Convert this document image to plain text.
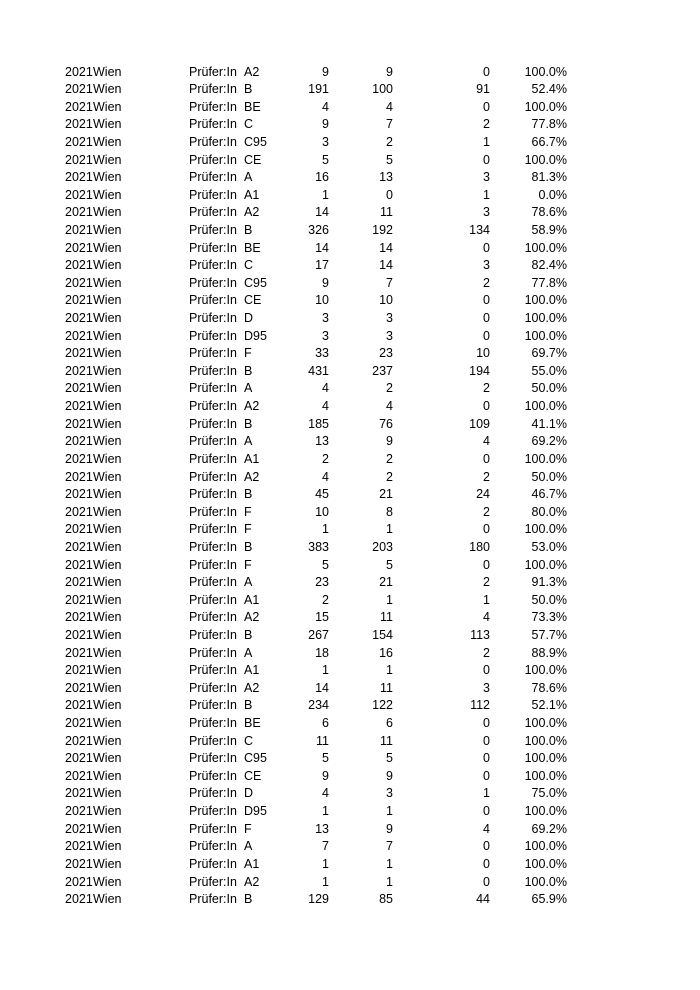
2021 Wien	Prüfer:In A2	9	9	0	100.0%
2021 Wien	Prüfer:In B	191	100	91	52.4%
2021 Wien	Prüfer:In BE	4	4	0	100.0%
2021 Wien	Prüfer:In C	9	7	2	77.8%
2021 Wien	Prüfer:In C95	3	2	1	66.7%
2021 Wien	Prüfer:In CE	5	5	0	100.0%
2021 Wien	Prüfer:In A	16	13	3	81.3%
2021 Wien	Prüfer:In A1	1	0	1	0.0%
2021 Wien	Prüfer:In A2	14	11	3	78.6%
2021 Wien	Prüfer:In B	326	192	134	58.9%
2021 Wien	Prüfer:In BE	14	14	0	100.0%
2021 Wien	Prüfer:In C	17	14	3	82.4%
2021 Wien	Prüfer:In C95	9	7	2	77.8%
2021 Wien	Prüfer:In CE	10	10	0	100.0%
2021 Wien	Prüfer:In D	3	3	0	100.0%
2021 Wien	Prüfer:In D95	3	3	0	100.0%
2021 Wien	Prüfer:In F	33	23	10	69.7%
2021 Wien	Prüfer:In B	431	237	194	55.0%
2021 Wien	Prüfer:In A	4	2	2	50.0%
2021 Wien	Prüfer:In A2	4	4	0	100.0%
2021 Wien	Prüfer:In B	185	76	109	41.1%
2021 Wien	Prüfer:In A	13	9	4	69.2%
2021 Wien	Prüfer:In A1	2	2	0	100.0%
2021 Wien	Prüfer:In A2	4	2	2	50.0%
2021 Wien	Prüfer:In B	45	21	24	46.7%
2021 Wien	Prüfer:In F	10	8	2	80.0%
2021 Wien	Prüfer:In F	1	1	0	100.0%
2021 Wien	Prüfer:In B	383	203	180	53.0%
2021 Wien	Prüfer:In F	5	5	0	100.0%
2021 Wien	Prüfer:In A	23	21	2	91.3%
2021 Wien	Prüfer:In A1	2	1	1	50.0%
2021 Wien	Prüfer:In A2	15	11	4	73.3%
2021 Wien	Prüfer:In B	267	154	113	57.7%
2021 Wien	Prüfer:In A	18	16	2	88.9%
2021 Wien	Prüfer:In A1	1	1	0	100.0%
2021 Wien	Prüfer:In A2	14	11	3	78.6%
2021 Wien	Prüfer:In B	234	122	112	52.1%
2021 Wien	Prüfer:In BE	6	6	0	100.0%
2021 Wien	Prüfer:In C	11	11	0	100.0%
2021 Wien	Prüfer:In C95	5	5	0	100.0%
2021 Wien	Prüfer:In CE	9	9	0	100.0%
2021 Wien	Prüfer:In D	4	3	1	75.0%
2021 Wien	Prüfer:In D95	1	1	0	100.0%
2021 Wien	Prüfer:In F	13	9	4	69.2%
2021 Wien	Prüfer:In A	7	7	0	100.0%
2021 Wien	Prüfer:In A1	1	1	0	100.0%
2021 Wien	Prüfer:In A2	1	1	0	100.0%
2021 Wien	Prüfer:In B	129	85	44	65.9%
